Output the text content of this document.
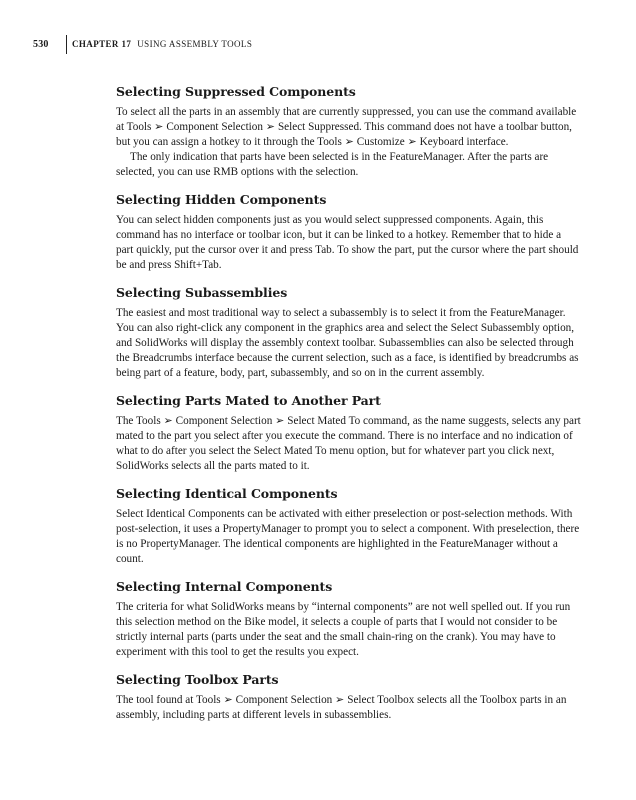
530	CHAPTER 17 USING ASSEMBLY TOOLS
Selecting Suppressed Components

To select all the parts in an assembly that are currently suppressed, you can use the command available at Tools ➢ Component Selection ➢ Select Suppressed. This command does not have a toolbar button, but you can assign a hotkey to it through the Tools ➢ Customize ➢ Keyboard interface.

The only indication that parts have been selected is in the FeatureManager. After the parts are selected, you can use RMB options with the selection.

Selecting Hidden Components

You can select hidden components just as you would select suppressed components. Again, this command has no interface or toolbar icon, but it can be linked to a hotkey. Remember that to hide a part quickly, put the cursor over it and press Tab. To show the part, put the cursor where the part should be and press Shift+Tab.

Selecting Subassemblies

The easiest and most traditional way to select a subassembly is to select it from the FeatureManager. You can also right-click any component in the graphics area and select the Select Subassembly option, and SolidWorks will display the assembly context toolbar. Subassemblies can also be selected through the Breadcrumbs interface because the current selection, such as a face, is identified by breadcrumbs as being part of a feature, body, part, subassembly, and so on in the current assembly.

Selecting Parts Mated to Another Part

The Tools ➢ Component Selection ➢ Select Mated To command, as the name suggests, selects any part mated to the part you select after you execute the command. There is no interface and no indication of what to do after you select the Select Mated To menu option, but for whatever part you click next, SolidWorks selects all the parts mated to it.

Selecting Identical Components

Select Identical Components can be activated with either preselection or post-selection methods. With post-selection, it uses a PropertyManager to prompt you to select a component. With preselection, there is no PropertyManager. The identical components are highlighted in the FeatureManager without a count.

Selecting Internal Components

The criteria for what SolidWorks means by “internal components” are not well spelled out. If you run this selection method on the Bike model, it selects a couple of parts that I would not consider to be strictly internal parts (parts under the seat and the small chain-ring on the crank). You may have to experiment with this tool to get the results you expect.

Selecting Toolbox Parts

The tool found at Tools ➢ Component Selection ➢ Select Toolbox selects all the Toolbox parts in an assembly, including parts at different levels in subassemblies.
